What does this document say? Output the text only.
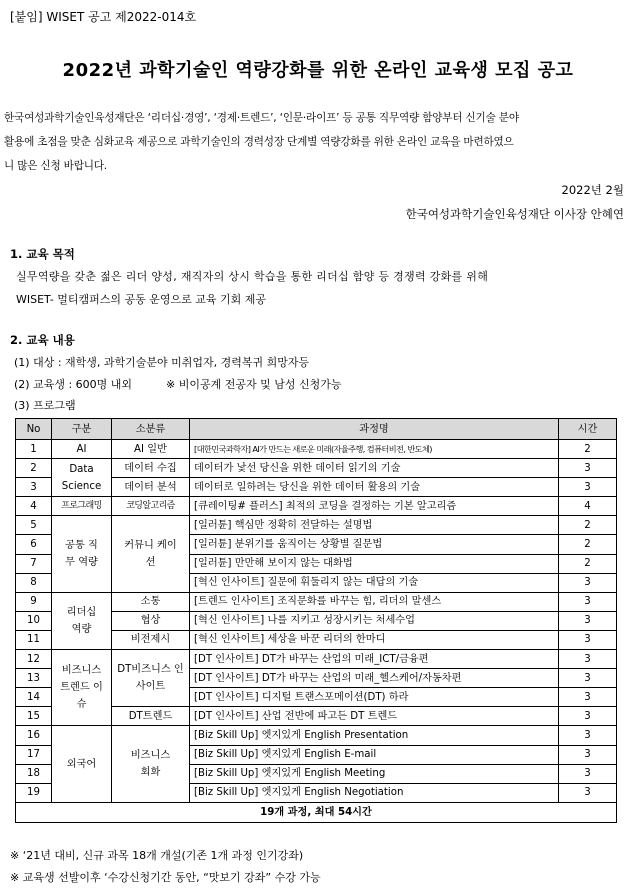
[붙임] WISET 공고 제2022-014호
2022년 과학기술인 역량강화를 위한 온라인 교육생 모집 공고
한국여성과학기술인육성재단은 ‘리더십·경영’, ‘경제·트렌드’, ‘인문·라이프’ 등 공통 직무역량 함양부터 신기술 분야
활용에 초점을 맞춘 심화교육 제공으로 과학기술인의 경력성장 단계별 역량강화를 위한 온라인 교육을 마련하였으
니 많은 신청 바랍니다.
2022년 2월
한국여성과학기술인육성재단 이사장 안혜연
1. 교육 목적
실무역량을 갖춘 젊은 리더 양성, 재직자의 상시 학습을 통한 리더십 함양 등 경쟁력 강화를 위해
WISET- 멀티캠퍼스의 공동 운영으로 교육 기회 제공
2. 교육 내용
(1) 대상 : 재학생, 과학기술분야 미취업자, 경력복귀 희망자등
(2) 교육생 : 600명 내외	※ 비이공계 전공자 및 남성 신청가능
(3) 프로그램
No	구분	소분류	과정명	시간
1	AI	AI 일반	[대한민국과학자] AI가 만드는 새로운 미래(자율주행, 컴퓨터비전, 반도체)	2
2	Data Science	데이터 수집	데이터가 낯선 당신을 위한 데이터 읽기의 기술	3
3		데이터 분석	데이터로 일하려는 당신을 위한 데이터 활용의 기술	3
4	프로그래밍	코딩알고리즘	[큐레이팅# 플러스] 최적의 코딩을 결정하는 기본 알고리즘	4
5	공통 직무 역량	커뮤니 케이션	[일러튠] 핵심만 정확히 전달하는 설명법	2
6			[일러튠] 분위기를 움직이는 상황별 질문법	2
7			[일러튠] 만만해 보이지 않는 대화법	2
8			[혁신 인사이트] 질문에 휘둘리지 않는 대답의 기술	3
9	리더십 역량	소통	[트렌드 인사이트] 조직문화를 바꾸는 힘, 리더의 말센스	3
10		협상	[혁신 인사이트] 나를 지키고 성장시키는 처세수업	3
11		비전제시	[혁신 인사이트] 세상을 바꾼 리더의 한마디	3
12	비즈니스 트렌드 이슈	DT비즈니스 인사이트	[DT 인사이트] DT가 바꾸는 산업의 미래_ICT/금융편	3
13			[DT 인사이트] DT가 바꾸는 산업의 미래_헬스케어/자동차편	3
14			[DT 인사이트] 디지털 트랜스포메이션(DT) 하라	3
15		DT트렌드	[DT 인사이트] 산업 전반에 파고든 DT 트렌드	3
16	외국어	비즈니스 회화	[Biz Skill Up] 엣지있게 English Presentation	3
17			[Biz Skill Up] 엣지있게 English E-mail	3
18			[Biz Skill Up] 엣지있게 English Meeting	3
19			[Biz Skill Up] 엣지있게 English Negotiation	3
19개 과정, 최대 54시간				
※ ‘21년 대비, 신규 과목 18개 개설(기존 1개 과정 인기강좌)
※ 교육생 선발이후 ‘수강신청기간 동안, “맛보기 강좌” 수강 가능
